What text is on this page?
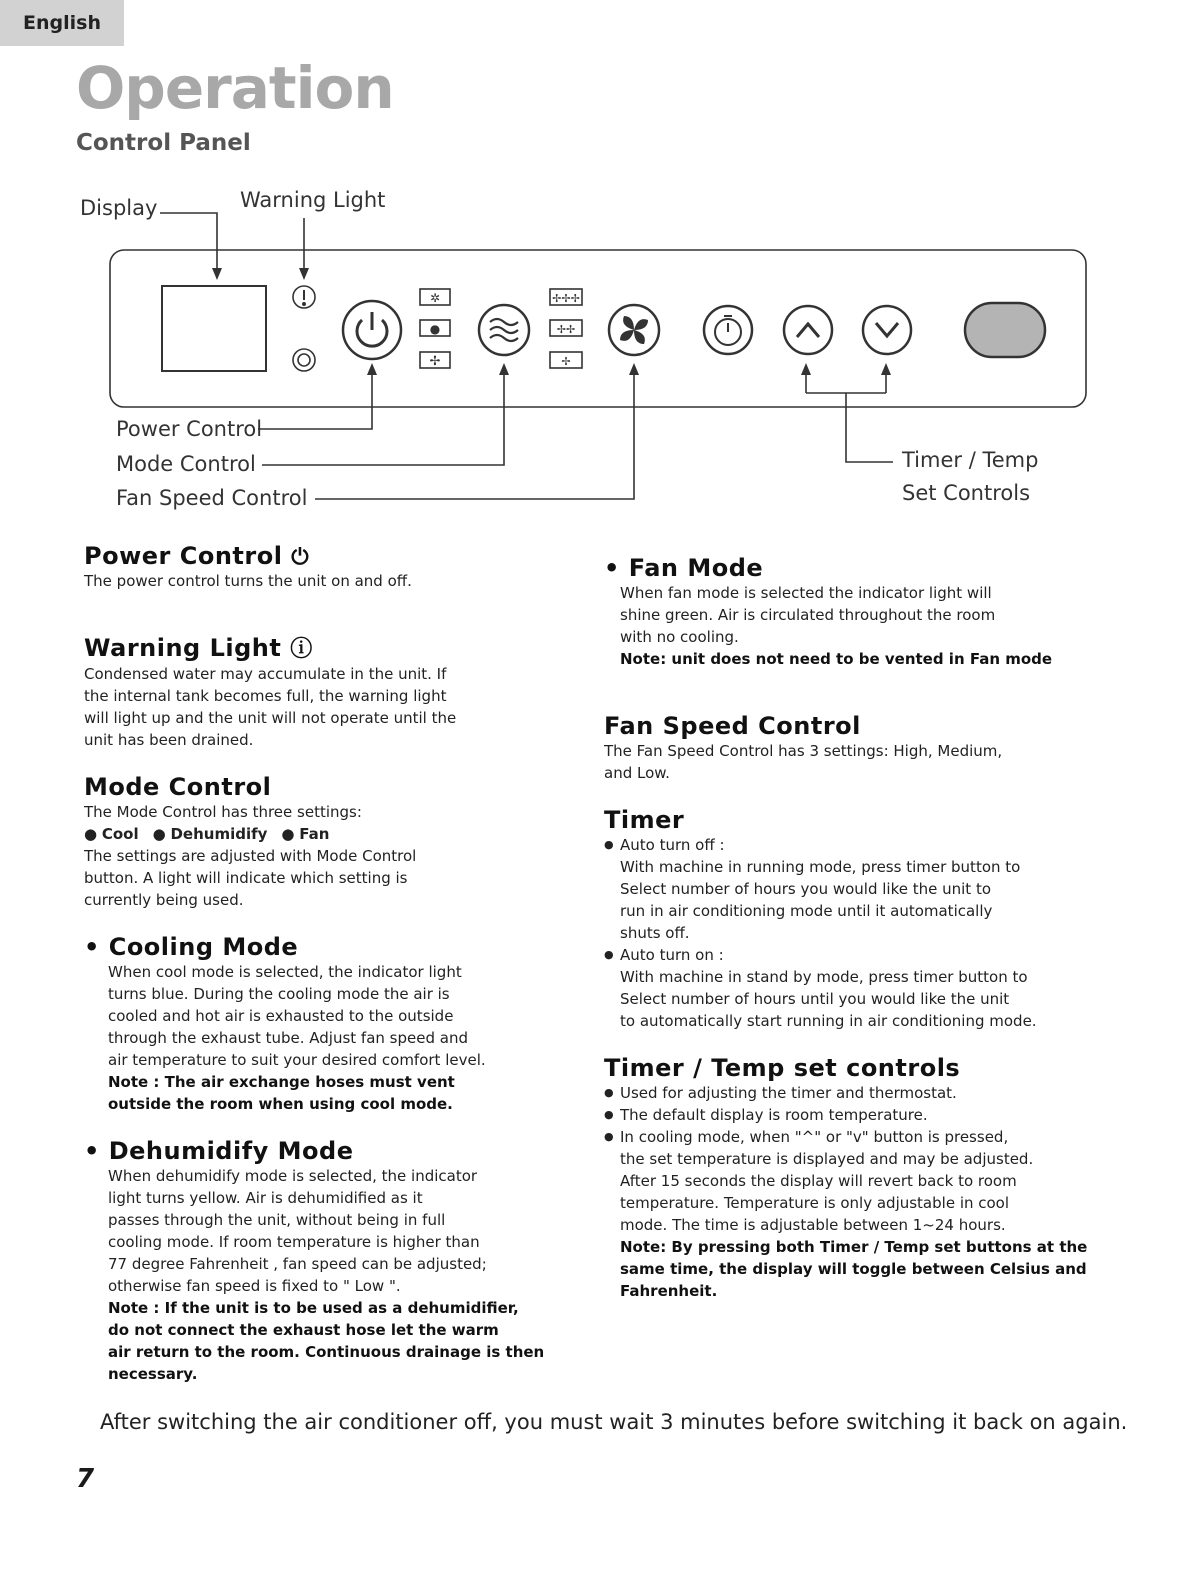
English
Operation
Control Panel
✲
●
✢
✢✢✢
✢✢
✢
Display	Warning Light
Power Control
Mode Control
Fan Speed Control
Timer / Temp
Set Controls
Power Control ⏻

The power control turns the unit on and off.

Warning Light ⓘ

Condensed water may accumulate in the unit. If

the internal tank becomes full, the warning light

will light up and the unit will not operate until the

unit has been drained.

Mode Control

The Mode Control has three settings:

● Cool ● Dehumidify ● Fan

The settings are adjusted with Mode Control

button. A light will indicate which setting is

currently being used.

• Cooling Mode

When cool mode is selected, the indicator light

turns blue. During the cooling mode the air is

cooled and hot air is exhausted to the outside

through the exhaust tube. Adjust fan speed and

air temperature to suit your desired comfort level.

Note : The air exchange hoses must vent

outside the room when using cool mode.

• Dehumidify Mode

When dehumidify mode is selected, the indicator

light turns yellow. Air is dehumidified as it

passes through the unit, without being in full

cooling mode. If room temperature is higher than

77 degree Fahrenheit , fan speed can be adjusted;

otherwise fan speed is fixed to " Low ".

Note : If the unit is to be used as a dehumidifier,

do not connect the exhaust hose let the warm

air return to the room. Continuous drainage is then

necessary.

• Fan Mode

When fan mode is selected the indicator light will

shine green. Air is circulated throughout the room

with no cooling.

Note: unit does not need to be vented in Fan mode

Fan Speed Control

The Fan Speed Control has 3 settings: High, Medium,

and Low.

Timer

● Auto turn off :

With machine in running mode, press timer button to

Select number of hours you would like the unit to

run in air conditioning mode until it automatically

shuts off.

● Auto turn on :

With machine in stand by mode, press timer button to

Select number of hours until you would like the unit

to automatically start running in air conditioning mode.

Timer / Temp set controls

● Used for adjusting the timer and thermostat.

● The default display is room temperature.

● In cooling mode, when "^" or "v" button is pressed,

the set temperature is displayed and may be adjusted.

After 15 seconds the display will revert back to room

temperature. Temperature is only adjustable in cool

mode. The time is adjustable between 1~24 hours.

Note: By pressing both Timer / Temp set buttons at the

same time, the display will toggle between Celsius and

Fahrenheit.

After switching the air conditioner off, you must wait 3 minutes before switching it back on again.

7
